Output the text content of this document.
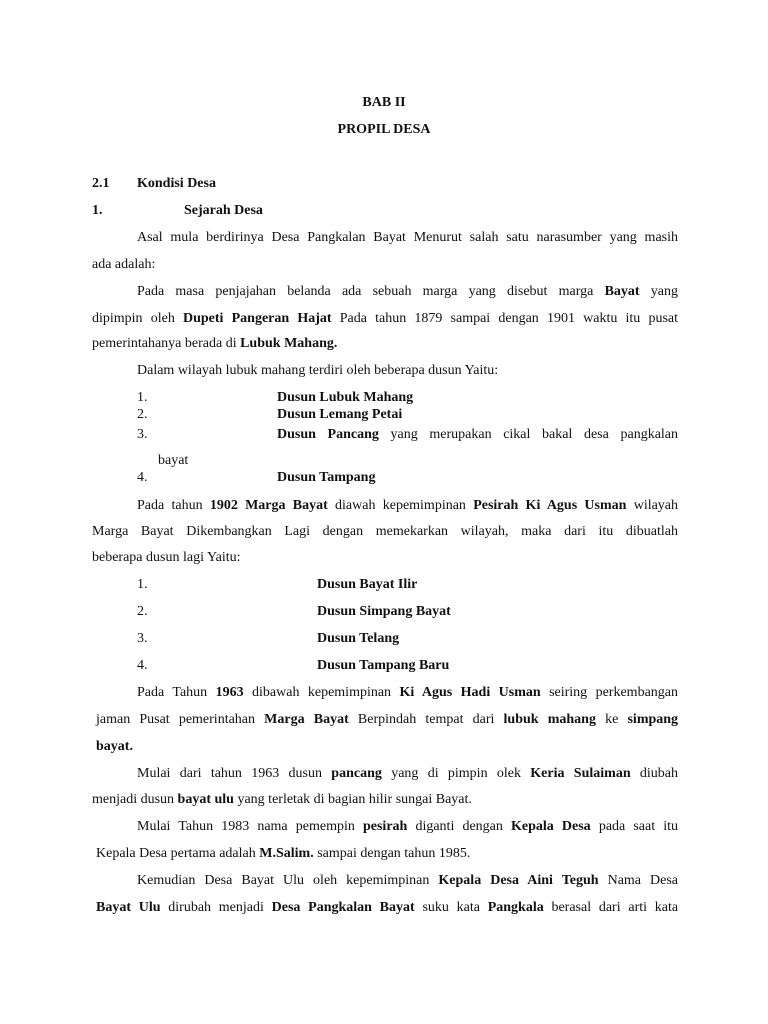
BAB II
PROPIL DESA
2.1 Kondisi Desa
1.	Sejarah Desa
Asal mula berdirinya Desa Pangkalan Bayat Menurut salah satu narasumber yang masih
ada adalah:
Pada masa penjajahan belanda ada sebuah marga yang disebut marga Bayat yang
dipimpin oleh Dupeti Pangeran Hajat Pada tahun 1879 sampai dengan 1901 waktu itu pusat
pemerintahanya berada di Lubuk Mahang.
Dalam wilayah lubuk mahang terdiri oleh beberapa dusun Yaitu:
1.	Dusun Lubuk Mahang
2.	Dusun Lemang Petai
3.	Dusun Pancang yang merupakan cikal bakal desa pangkalan
bayat
4.	Dusun Tampang
Pada tahun 1902 Marga Bayat diawah kepemimpinan Pesirah Ki Agus Usman wilayah
Marga Bayat Dikembangkan Lagi dengan memekarkan wilayah, maka dari itu dibuatlah
beberapa dusun lagi Yaitu:
1.	Dusun Bayat Ilir
2.	Dusun Simpang Bayat
3.	Dusun Telang
4.	Dusun Tampang Baru
Pada Tahun 1963 dibawah kepemimpinan Ki Agus Hadi Usman seiring perkembangan
jaman Pusat pemerintahan Marga Bayat Berpindah tempat dari lubuk mahang ke simpang
bayat.
Mulai dari tahun 1963 dusun pancang yang di pimpin olek Keria Sulaiman diubah
menjadi dusun bayat ulu yang terletak di bagian hilir sungai Bayat.
Mulai Tahun 1983 nama pemempin pesirah diganti dengan Kepala Desa pada saat itu
Kepala Desa pertama adalah M.Salim. sampai dengan tahun 1985.
Kemudian Desa Bayat Ulu oleh kepemimpinan Kepala Desa Aini Teguh Nama Desa
Bayat Ulu dirubah menjadi Desa Pangkalan Bayat suku kata Pangkala berasal dari arti kata
